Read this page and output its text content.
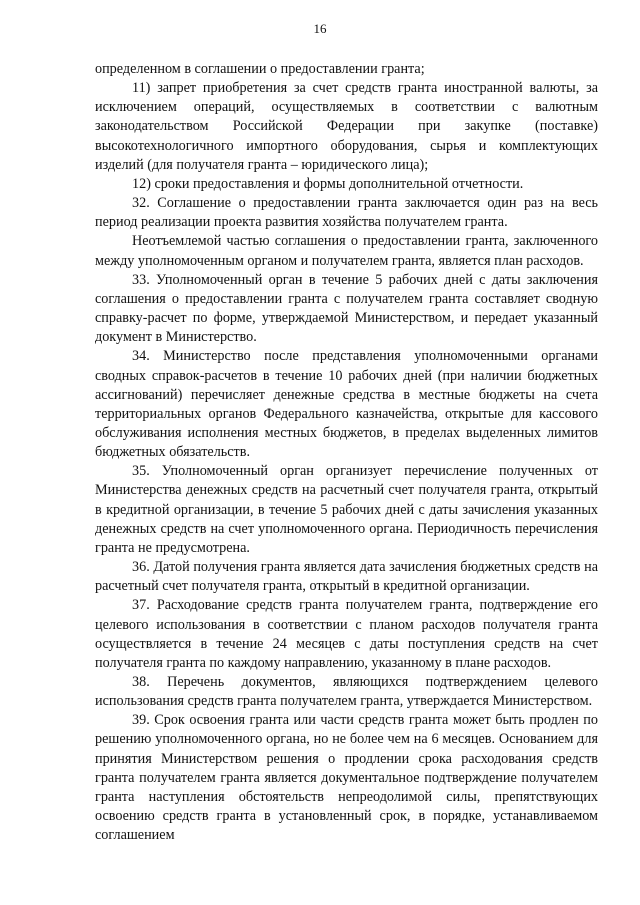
16

определенном в соглашении о предоставлении гранта;

11) запрет приобретения за счет средств гранта иностранной валюты, за исключением операций, осуществляемых в соответствии с валютным законодательством Российской Федерации при закупке (поставке) высокотехнологичного импортного оборудования, сырья и комплектующих изделий (для получателя гранта – юридического лица);

12) сроки предоставления и формы дополнительной отчетности.

32. Соглашение о предоставлении гранта заключается один раз на весь период реализации проекта развития хозяйства получателем гранта.

Неотъемлемой частью соглашения о предоставлении гранта, заключенного между уполномоченным органом и получателем гранта, является план расходов.

33. Уполномоченный орган в течение 5 рабочих дней с даты заключения соглашения о предоставлении гранта с получателем гранта составляет сводную справку-расчет по форме, утверждаемой Министерством, и передает указанный документ в Министерство.

34. Министерство после представления уполномоченными органами сводных справок-расчетов в течение 10 рабочих дней (при наличии бюджетных ассигнований) перечисляет денежные средства в местные бюджеты на счета территориальных органов Федерального казначейства, открытые для кассового обслуживания исполнения местных бюджетов, в пределах выделенных лимитов бюджетных обязательств.

35. Уполномоченный орган организует перечисление полученных от Министерства денежных средств на расчетный счет получателя гранта, открытый в кредитной организации, в течение 5 рабочих дней с даты зачисления указанных денежных средств на счет уполномоченного органа. Периодичность перечисления гранта не предусмотрена.

36. Датой получения гранта является дата зачисления бюджетных средств на расчетный счет получателя гранта, открытый в кредитной организации.

37. Расходование средств гранта получателем гранта, подтверждение его целевого использования в соответствии с планом расходов получателя гранта осуществляется в течение 24 месяцев с даты поступления средств на счет получателя гранта по каждому направлению, указанному в плане расходов.

38. Перечень документов, являющихся подтверждением целевого использования средств гранта получателем гранта, утверждается Министерством.

39. Срок освоения гранта или части средств гранта может быть продлен по решению уполномоченного органа, но не более чем на 6 месяцев. Основанием для принятия Министерством решения о продлении срока расходования средств гранта получателем гранта является документальное подтверждение получателем гранта наступления обстоятельств непреодолимой силы, препятствующих освоению средств гранта в установленный срок, в порядке, устанавливаемом соглашением
